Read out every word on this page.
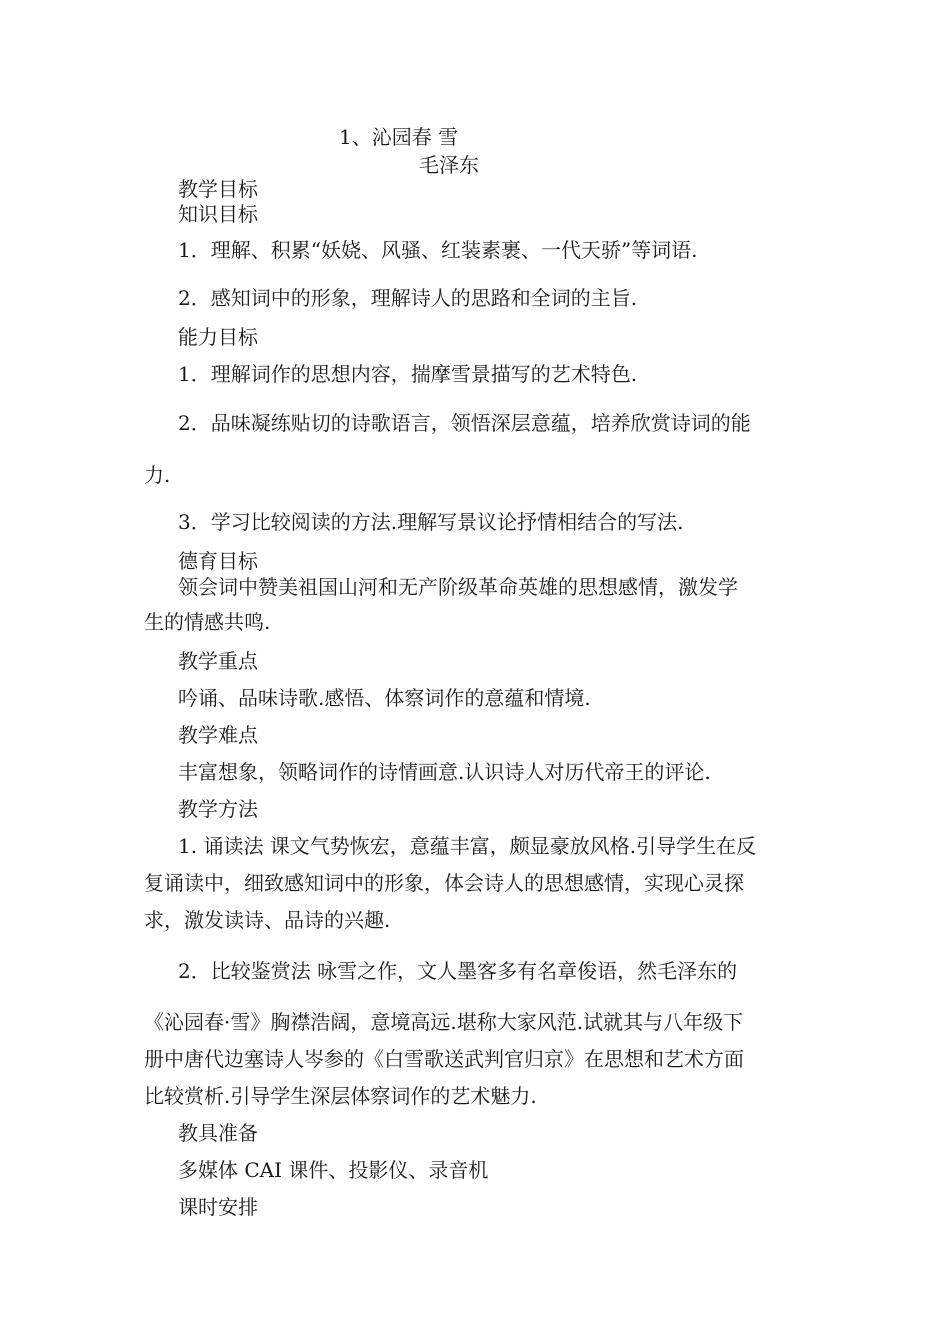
1、沁园春 雪

毛泽东

教学目标

知识目标

1．理解、积累“妖娆、风骚、红装素裹、一代天骄”等词语.

2．感知词中的形象，理解诗人的思路和全词的主旨.

能力目标

1．理解词作的思想内容，揣摩雪景描写的艺术特色.

2．品味凝练贴切的诗歌语言，领悟深层意蕴，培养欣赏诗词的能

力.

3．学习比较阅读的方法.理解写景议论抒情相结合的写法.

德育目标

领会词中赞美祖国山河和无产阶级革命英雄的思想感情，激发学

生的情感共鸣.

教学重点

吟诵、品味诗歌.感悟、体察词作的意蕴和情境.

教学难点

丰富想象，领略词作的诗情画意.认识诗人对历代帝王的评论.

教学方法

1. 诵读法 课文气势恢宏，意蕴丰富，颇显豪放风格.引导学生在反

复诵读中，细致感知词中的形象，体会诗人的思想感情，实现心灵探

求，激发读诗、品诗的兴趣.

2．比较鉴赏法 咏雪之作，文人墨客多有名章俊语，然毛泽东的

《沁园春·雪》胸襟浩阔，意境高远.堪称大家风范.试就其与八年级下

册中唐代边塞诗人岑参的《白雪歌送武判官归京》在思想和艺术方面

比较赏析.引导学生深层体察词作的艺术魅力.

教具准备

多媒体 CAI 课件、投影仪、录音机

课时安排
